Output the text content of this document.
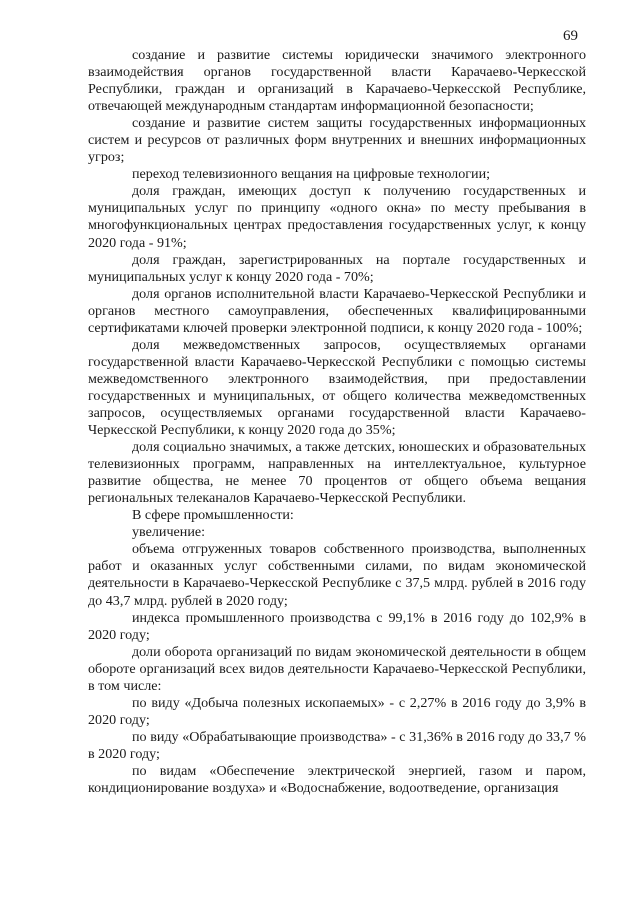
69

создание и развитие системы юридически значимого электронного взаимодействия органов государственной власти Карачаево-Черкесской Республики, граждан и организаций в Карачаево-Черкесской Республике, отвечающей международным стандартам информационной безопасности;

создание и развитие систем защиты государственных информационных систем и ресурсов от различных форм внутренних и внешних информационных угроз;

переход телевизионного вещания на цифровые технологии;

доля граждан, имеющих доступ к получению государственных и муниципальных услуг по принципу «одного окна» по месту пребывания в многофункциональных центрах предоставления государственных услуг, к концу 2020 года - 91%;

доля граждан, зарегистрированных на портале государственных и муниципальных услуг к концу 2020 года - 70%;

доля органов исполнительной власти Карачаево-Черкесской Республики и органов местного самоуправления, обеспеченных квалифицированными сертификатами ключей проверки электронной подписи, к концу 2020 года - 100%;

доля межведомственных запросов, осуществляемых органами государственной власти Карачаево-Черкесской Республики с помощью системы межведомственного электронного взаимодействия, при предоставлении государственных и муниципальных, от общего количества межведомственных запросов, осуществляемых органами государственной власти Карачаево-Черкесской Республики, к концу 2020 года до 35%;

доля социально значимых, а также детских, юношеских и образовательных телевизионных программ, направленных на интеллектуальное, культурное развитие общества, не менее 70 процентов от общего объема вещания региональных телеканалов Карачаево-Черкесской Республики.

В сфере промышленности:

увеличение:

объема отгруженных товаров собственного производства, выполненных работ и оказанных услуг собственными силами, по видам экономической деятельности в Карачаево-Черкесской Республике с 37,5 млрд. рублей в 2016 году до 43,7 млрд. рублей в 2020 году;

индекса промышленного производства с 99,1% в 2016 году до 102,9% в 2020 году;

доли оборота организаций по видам экономической деятельности в общем обороте организаций всех видов деятельности Карачаево-Черкесской Республики, в том числе:

по виду «Добыча полезных ископаемых» - с 2,27% в 2016 году до 3,9% в 2020 году;

по виду «Обрабатывающие производства» - с 31,36% в 2016 году до 33,7 % в 2020 году;

по видам «Обеспечение электрической энергией, газом и паром, кондиционирование воздуха» и «Водоснабжение, водоотведение, организация
